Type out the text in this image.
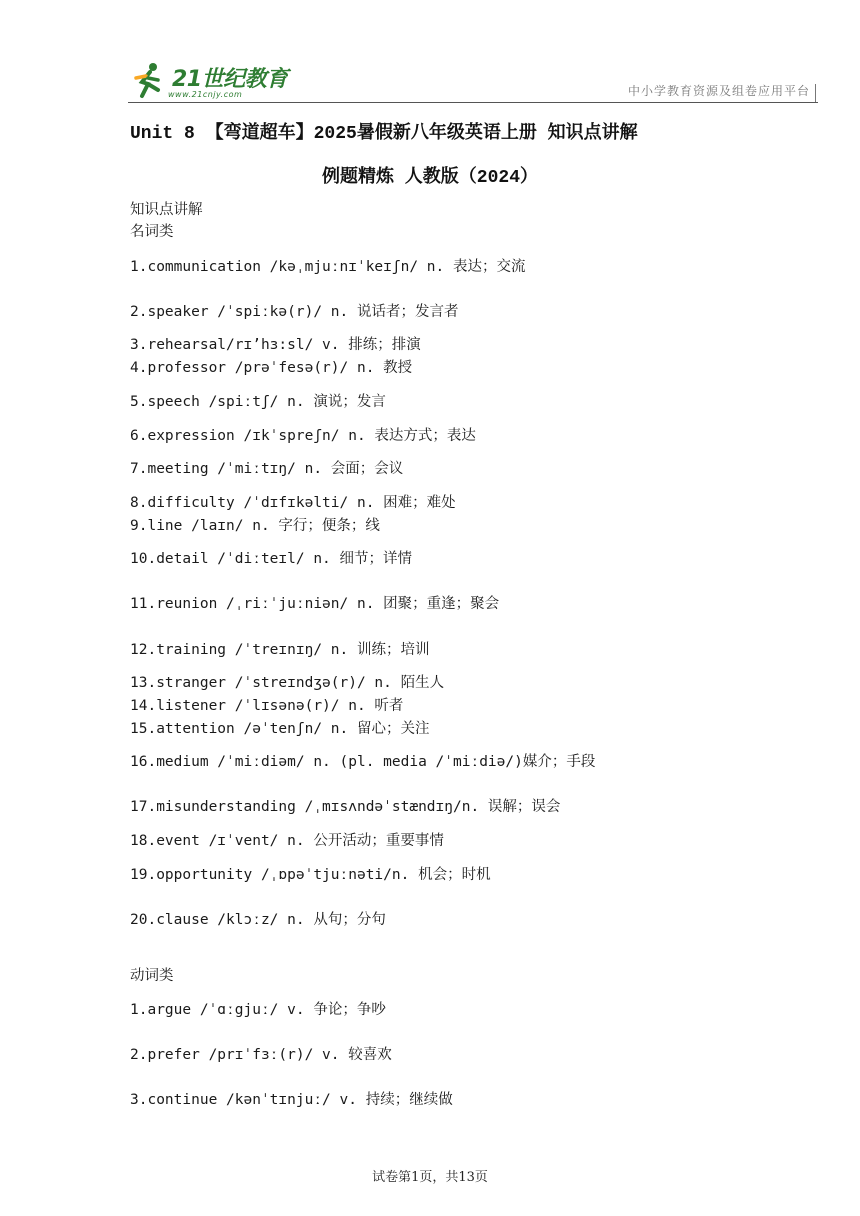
21世纪教育
www.21cnjy.com	中小学教育资源及组卷应用平台
Unit 8 【弯道超车】2025暑假新八年级英语上册 知识点讲解
例题精炼 人教版（2024）
知识点讲解
名词类
1.communication /kəˌmjuːnɪˈkeɪʃn/ n. 表达；交流
2.speaker /ˈspiːkə(r)/ n. 说话者；发言者
3.rehearsal/rɪ’hɜ:sl/ v. 排练；排演
4.professor /prəˈfesə(r)/ n. 教授
5.speech /spiːtʃ/ n. 演说；发言
6.expression /ɪkˈspreʃn/ n. 表达方式；表达
7.meeting /ˈmiːtɪŋ/ n. 会面；会议
8.difficulty /ˈdɪfɪkəlti/ n. 困难；难处
9.line /laɪn/ n. 字行；便条；线
10.detail /ˈdiːteɪl/ n. 细节；详情
11.reunion /ˌriːˈjuːniən/ n. 团聚；重逢；聚会
12.training /ˈtreɪnɪŋ/ n. 训练；培训
13.stranger /ˈstreɪndʒə(r)/ n. 陌生人
14.listener /ˈlɪsənə(r)/ n. 听者
15.attention /əˈtenʃn/ n. 留心；关注
16.medium /ˈmiːdiəm/ n. (pl. media /ˈmiːdiə/)媒介；手段
17.misunderstanding /ˌmɪsʌndəˈstændɪŋ/n. 误解；误会
18.event /ɪˈvent/ n. 公开活动；重要事情
19.opportunity /ˌɒpəˈtjuːnəti/n. 机会；时机
20.clause /klɔːz/ n. 从句；分句
动词类
1.argue /ˈɑːgjuː/ v. 争论；争吵
2.prefer /prɪˈfɜː(r)/ v. 较喜欢
3.continue /kənˈtɪnjuː/ v. 持续；继续做
试卷第1页，共13页
